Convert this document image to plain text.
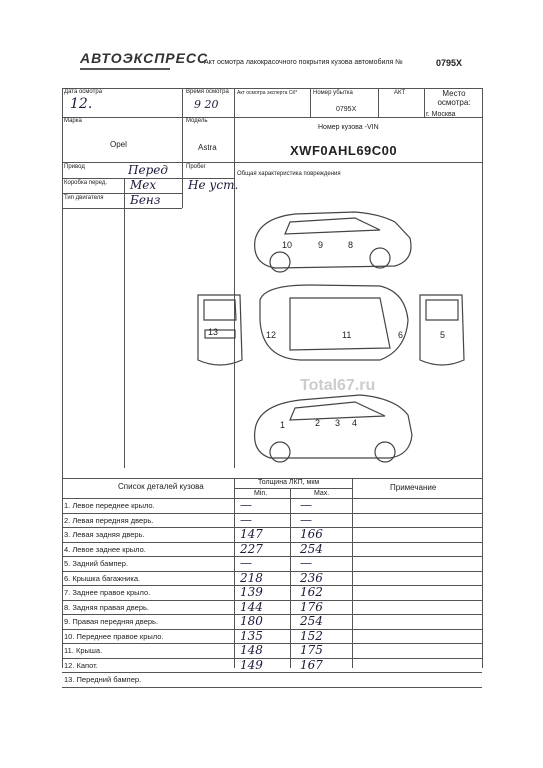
АВТОЭКСПРЕСС
Акт осмотра лакокрасочного покрытия кузова автомобиля №	0795Х
Дата осмотра
12.
Время осмотра
9 20
Акт осмотра эксперта СК*	Номер убытка
0795Х
АКТ	Место осмотра:
г. Москва
Марка
Opel
Модель
Astra
Номер кузова -VIN
XWF0AHL69C00
Привод	Перед	Пробег
Не уст.
Общая характеристика повреждения
Коробка перед. Мех
Тип двигателя Бенз
Total67.ru
10	9	8
13	12	11	6	5
1	2 3 4
Список деталей кузова	Толщина ЛКП, мкм
Min.	Max.
Примечание
1. Левое переднее крыло.	—	—
2. Левая передняя дверь.	—	—
3. Левая задняя дверь.	147	166
4. Левое заднее крыло.	227	254
5. Задний бампер.	—	—
6. Крышка багажника.	218	236
7. Заднее правое крыло.	139	162
8. Задняя правая дверь.	144	176
9. Правая передняя дверь.	180	254
10. Переднее правое крыло.	135	152
11. Крыша.	148	175
12. Капот.	149	167
13. Передний бампер.
